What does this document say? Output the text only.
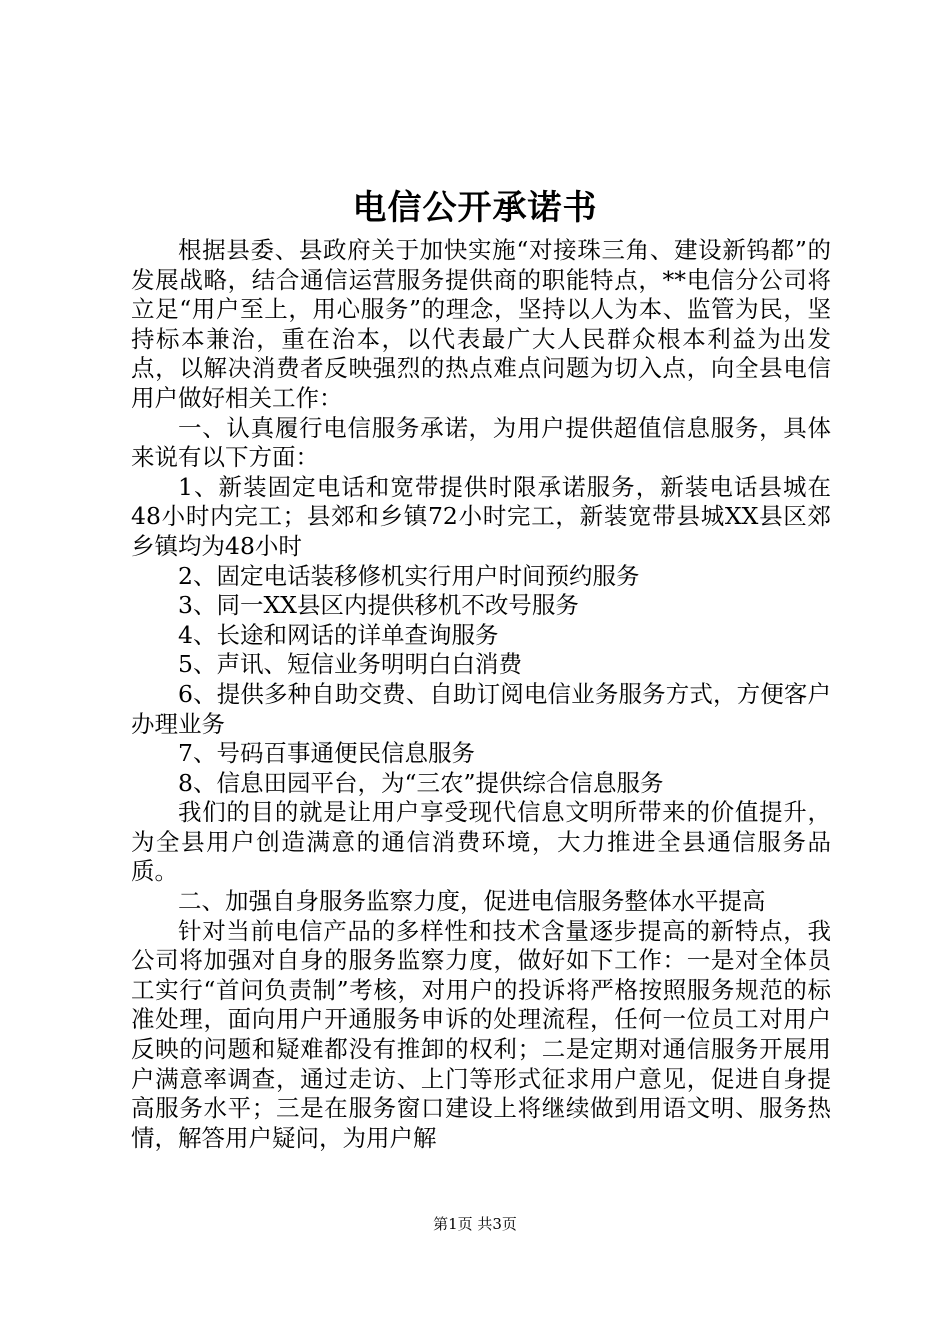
电信公开承诺书

根据县委、县政府关于加快实施“对接珠三角、建设新钨都”的发展战略，结合通信运营服务提供商的职能特点，**电信分公司将立足“用户至上，用心服务”的理念，坚持以人为本、监管为民，坚持标本兼治，重在治本，以代表最广大人民群众根本利益为出发点，以解决消费者反映强烈的热点难点问题为切入点，向全县电信用户做好相关工作：

一、认真履行电信服务承诺，为用户提供超值信息服务，具体来说有以下方面：

1、新装固定电话和宽带提供时限承诺服务，新装电话县城在48小时内完工；县郊和乡镇72小时完工，新装宽带县城XX县区郊乡镇均为48小时

2、固定电话装移修机实行用户时间预约服务

3、同一XX县区内提供移机不改号服务

4、长途和网话的详单查询服务

5、声讯、短信业务明明白白消费

6、提供多种自助交费、自助订阅电信业务服务方式，方便客户办理业务

7、号码百事通便民信息服务

8、信息田园平台，为“三农”提供综合信息服务

我们的目的就是让用户享受现代信息文明所带来的价值提升，为全县用户创造满意的通信消费环境，大力推进全县通信服务品质。

二、加强自身服务监察力度，促进电信服务整体水平提高

针对当前电信产品的多样性和技术含量逐步提高的新特点，我公司将加强对自身的服务监察力度，做好如下工作：一是对全体员工实行“首问负责制”考核，对用户的投诉将严格按照服务规范的标准处理，面向用户开通服务申诉的处理流程，任何一位员工对用户反映的问题和疑难都没有推卸的权利；二是定期对通信服务开展用户满意率调查，通过走访、上门等形式征求用户意见，促进自身提高服务水平；三是在服务窗口建设上将继续做到用语文明、服务热情，解答用户疑问，为用户解

第1页 共3页
